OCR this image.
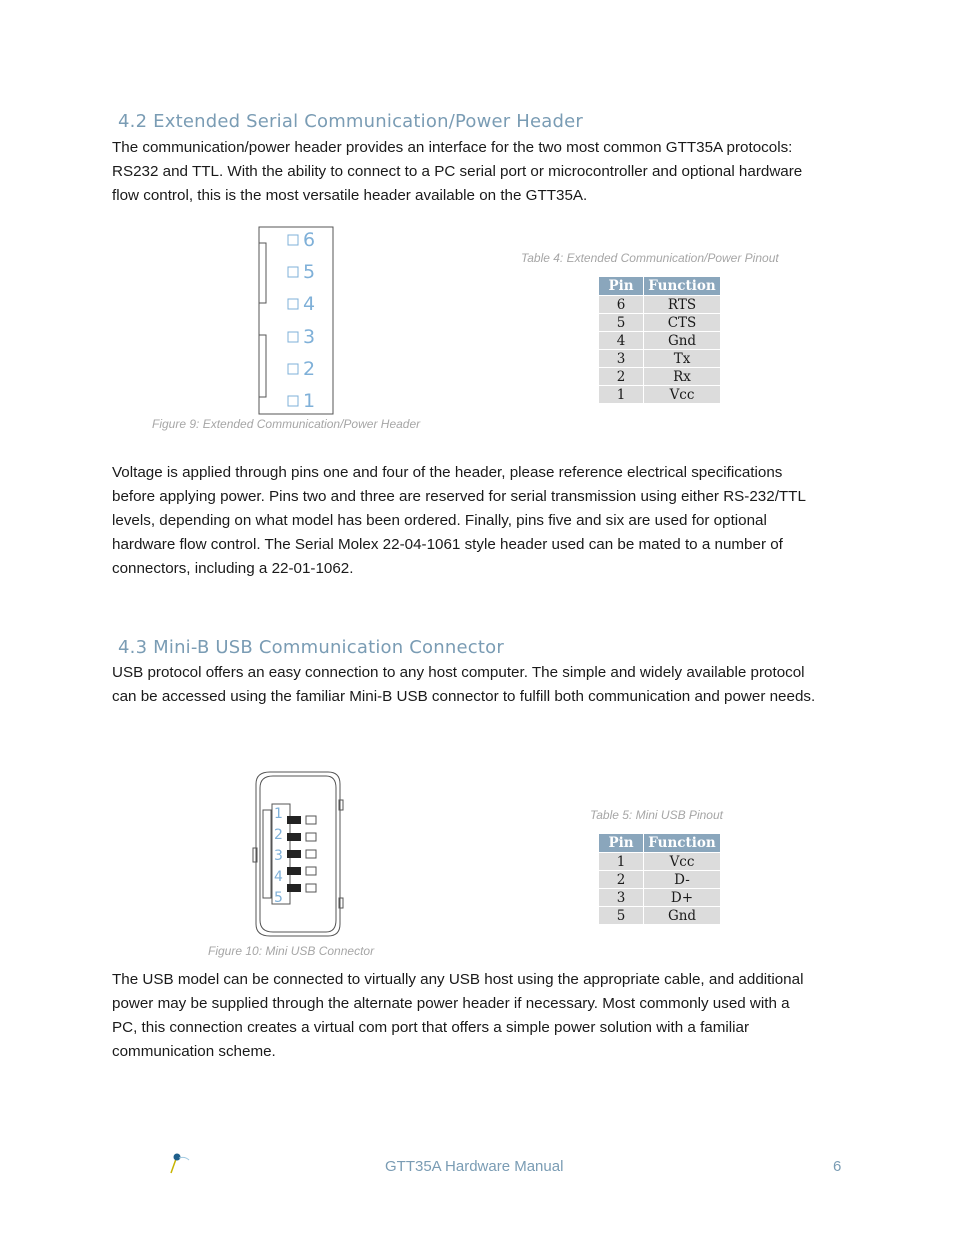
4.2 Extended Serial Communication/Power Header
The communication/power header provides an interface for the two most common GTT35A protocols:
RS232 and TTL. With the ability to connect to a PC serial port or microcontroller and optional hardware
flow control, this is the most versatile header available on the GTT35A.
6
5
4
3
2
1
Figure 9: Extended Communication/Power Header
Table 4: Extended Communication/Power Pinout
Pin	Function
6	RTS
5	CTS
4	Gnd
3	Tx
2	Rx
1	Vcc
Voltage is applied through pins one and four of the header, please reference electrical specifications
before applying power. Pins two and three are reserved for serial transmission using either RS-232/TTL
levels, depending on what model has been ordered. Finally, pins five and six are used for optional
hardware flow control. The Serial Molex 22-04-1061 style header used can be mated to a number of
connectors, including a 22-01-1062.
4.3 Mini-B USB Communication Connector
USB protocol offers an easy connection to any host computer. The simple and widely available protocol
can be accessed using the familiar Mini-B USB connector to fulfill both communication and power needs.
1
2
3
4
5
Figure 10: Mini USB Connector
Table 5: Mini USB Pinout
Pin	Function
1	Vcc
2	D-
3	D+
5	Gnd
The USB model can be connected to virtually any USB host using the appropriate cable, and additional
power may be supplied through the alternate power header if necessary. Most commonly used with a
PC, this connection creates a virtual com port that offers a simple power solution with a familiar
communication scheme.
GTT35A Hardware Manual	6
